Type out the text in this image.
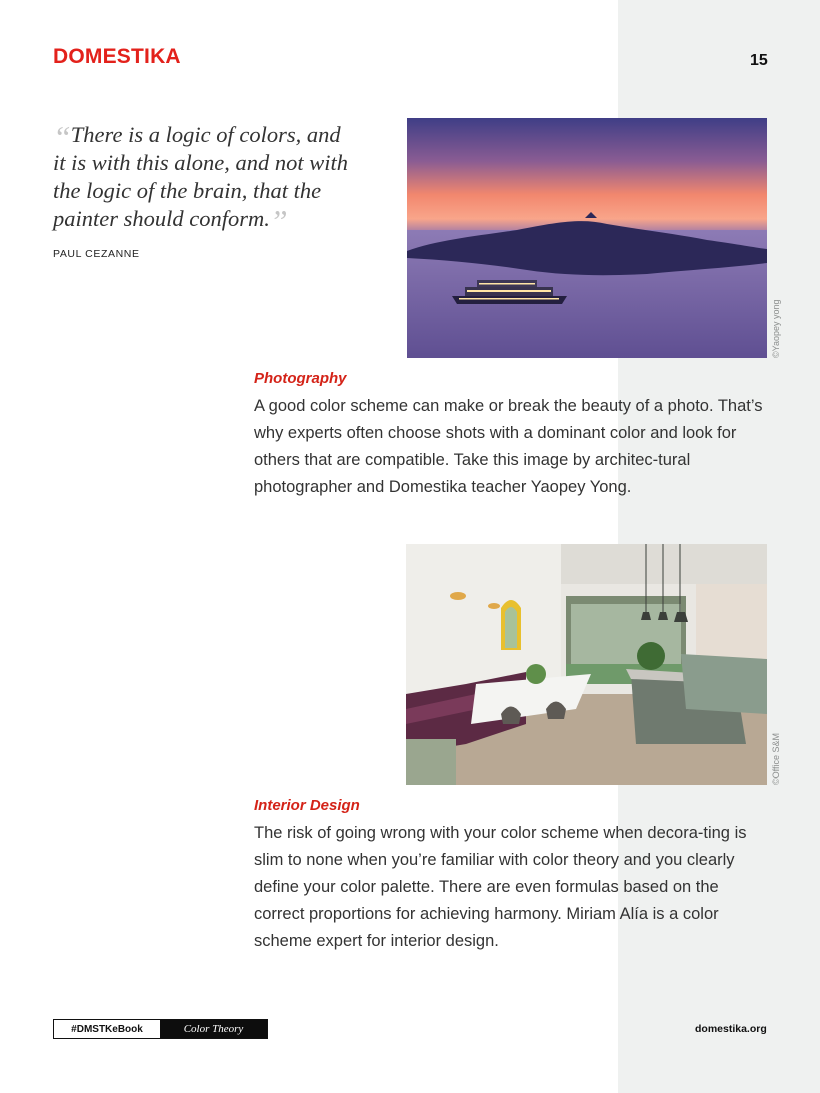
DOMESTIKA	15
“There is a logic of colors, and it is with this alone, and not with the logic of the brain, that the painter should conform.”
PAUL CEZANNE
©Yaopey yong
Photography
A good color scheme can make or break the beauty of a photo. That’s why experts often choose shots with a dominant color and look for others that are compatible. Take this image by architec-tural photographer and Domestika teacher Yaopey Yong.
©Office S&M
Interior Design
The risk of going wrong with your color scheme when decora-ting is slim to none when you’re familiar with color theory and you clearly define your color palette. There are even formulas based on the correct proportions for achieving harmony. Miriam Alía is a color scheme expert for interior design.
#DMSTKeBook	Color Theory	domestika.org
